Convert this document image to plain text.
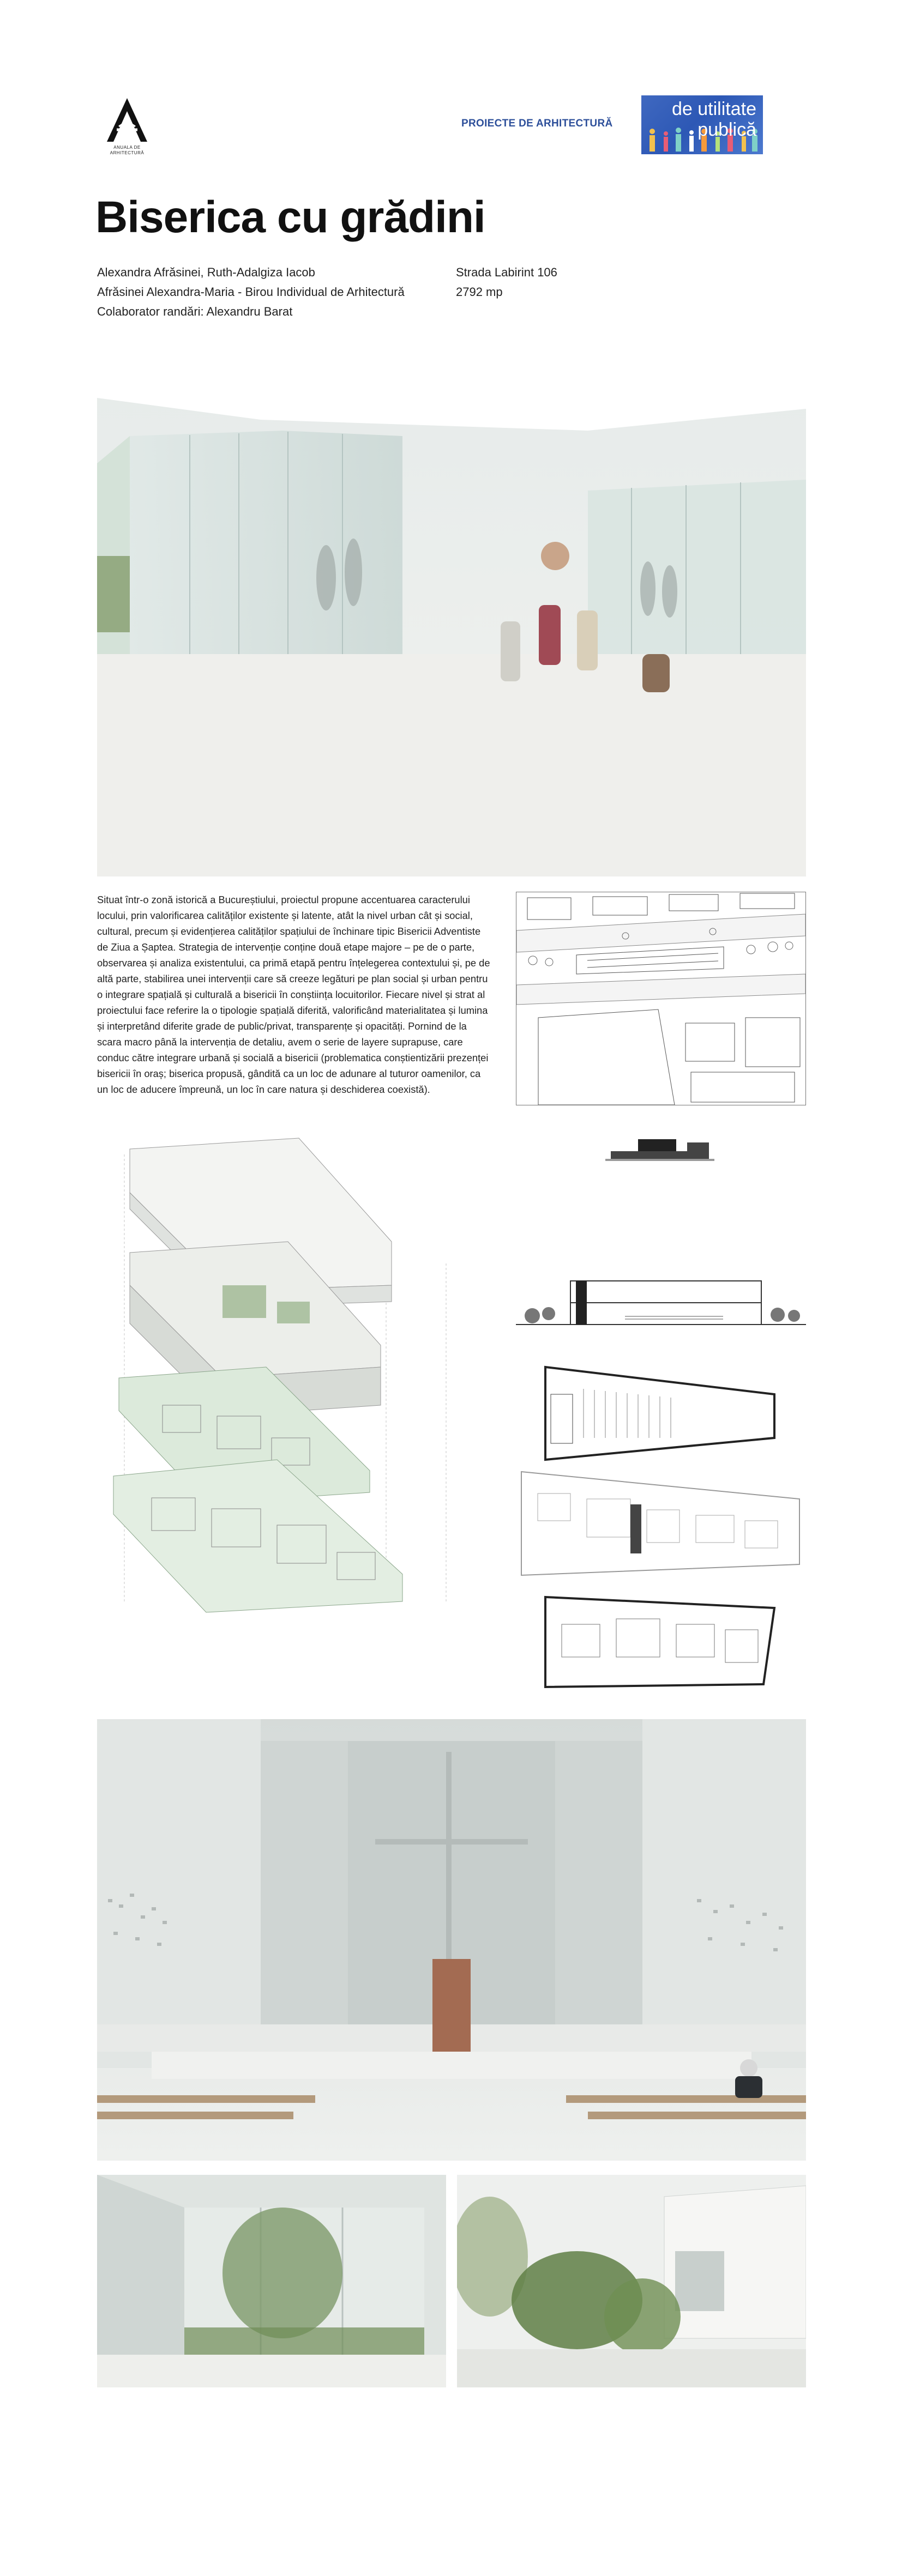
ANUALA DE ARHITECTURĂ
PROIECTE DE ARHITECTURĂ
de utilitate
publică
Biserica cu grădini
Alexandra Afrăsinei, Ruth-Adalgiza Iacob
Afrăsinei Alexandra-Maria - Birou Individual de Arhitectură
Colaborator randări: Alexandru Barat
Strada Labirint 106
2792 mp
Situat într-o zonă istorică a Bucureștiului, proiectul propune accentuarea caracterului locului, prin valorificarea calităților existente și latente, atât la nivel urban cât și social, cultural, precum și evidențierea calităților spațiului de închinare tipic Bisericii Adventiste de Ziua a Șaptea. Strategia de intervenție conține două etape majore – pe de o parte, observarea și analiza existentului, ca primă etapă pentru înțelegerea contextului și, pe de altă parte, stabilirea unei intervenții care să creeze legături pe plan social și urban pentru o integrare spațială și culturală a bisericii în conștiința locuitorilor. Fiecare nivel și strat al proiectului face referire la o tipologie spațială diferită, valorificând materialitatea și lumina și interpretând diferite grade de public/privat, transparențe și opacități. Pornind de la scara macro până la intervenția de detaliu, avem o serie de layere suprapuse, care conduc către integrare urbană și socială a bisericii (problematica conștientizării prezenței bisericii în oraș; biserica propusă, gândită ca un loc de adunare al tuturor oamenilor, ca un loc de aducere împreună, un loc în care natura și deschiderea coexistă).
